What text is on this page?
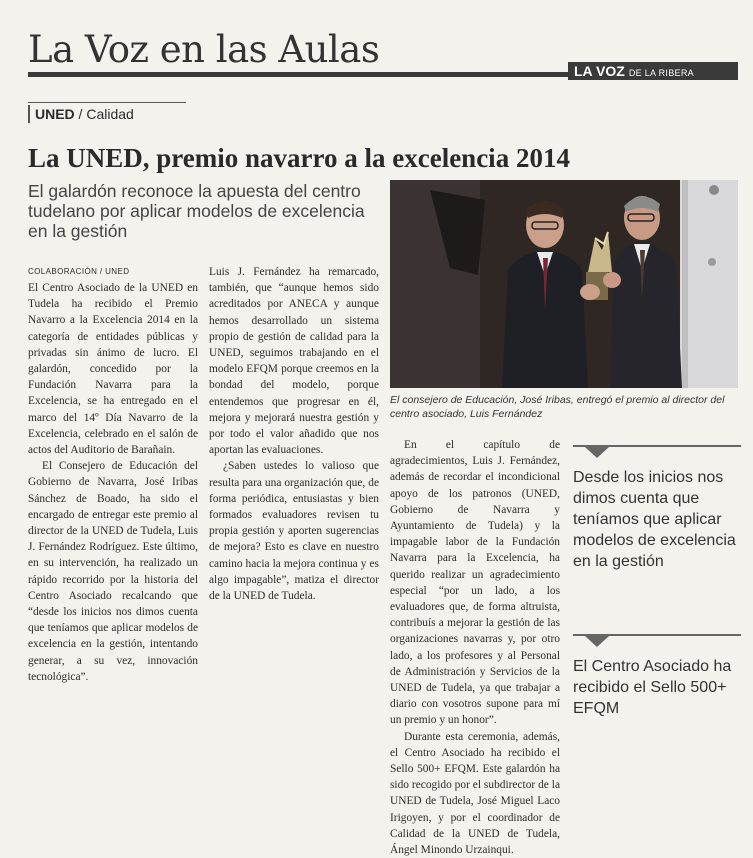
La Voz en las Aulas	LA VOZ DE LA RIBERA
UNED / Calidad
La UNED, premio navarro a la excelencia 2014
El galardón reconoce la apuesta del centro tudelano por aplicar modelos de excelencia en la gestión
El consejero de Educación, José Iribas, entregó el premio al director del centro asociado, Luis Fernández
COLABORACIÓN / UNED

El Centro Asociado de la UNED en Tudela ha recibido el Premio Navarro a la Excelencia 2014 en la categoría de entidades públicas y privadas sin ánimo de lucro. El galardón, concedido por la Fundación Navarra para la Excelencia, se ha entregado en el marco del 14º Día Navarro de la Excelencia, celebrado en el salón de actos del Auditorio de Barañain.

El Consejero de Educación del Gobierno de Navarra, José Iribas Sánchez de Boado, ha sido el encargado de entregar este premio al director de la UNED de Tudela, Luis J. Fernández Rodríguez. Este último, en su intervención, ha realizado un rápido recorrido por la historia del Centro Asociado recalcando que “desde los inicios nos dimos cuenta que teníamos que aplicar modelos de excelencia en la gestión, intentando generar, a su vez, innovación tecnológica”.

Luis J. Fernández ha remarcado, también, que “aunque hemos sido acreditados por ANECA y aunque hemos desarrollado un sistema propio de gestión de calidad para la UNED, seguimos trabajando en el modelo EFQM porque creemos en la bondad del modelo, porque entendemos que progresar en él, mejora y mejorará nuestra gestión y por todo el valor añadido que nos aportan las evaluaciones.

¿Saben ustedes lo valioso que resulta para una organización que, de forma periódica, entusiastas y bien formados evaluadores revisen tu propia gestión y aporten sugerencias de mejora? Esto es clave en nuestro camino hacia la mejora continua y es algo impagable”, matiza el director de la UNED de Tudela.

En el capítulo de agradecimientos, Luis J. Fernández, además de recordar el incondicional apoyo de los patronos (UNED, Gobierno de Navarra y Ayuntamiento de Tudela) y la impagable labor de la Fundación Navarra para la Excelencia, ha querido realizar un agradecimiento especial “por un lado, a los evaluadores que, de forma altruista, contribuís a mejorar la gestión de las organizaciones navarras y, por otro lado, a los profesores y al Personal de Administración y Servicios de la UNED de Tudela, ya que trabajar a diario con vosotros supone para mí un premio y un honor”.

Durante esta ceremonia, además, el Centro Asociado ha recibido el Sello 500+ EFQM. Este galardón ha sido recogido por el subdirector de la UNED de Tudela, José Miguel Laco Irigoyen, y por el coordinador de Calidad de la UNED de Tudela, Ángel Minondo Urzainqui.

Desde los inicios nos dimos cuenta que teníamos que aplicar modelos de excelencia en la gestión
El Centro Asociado ha recibido el Sello 500+ EFQM
